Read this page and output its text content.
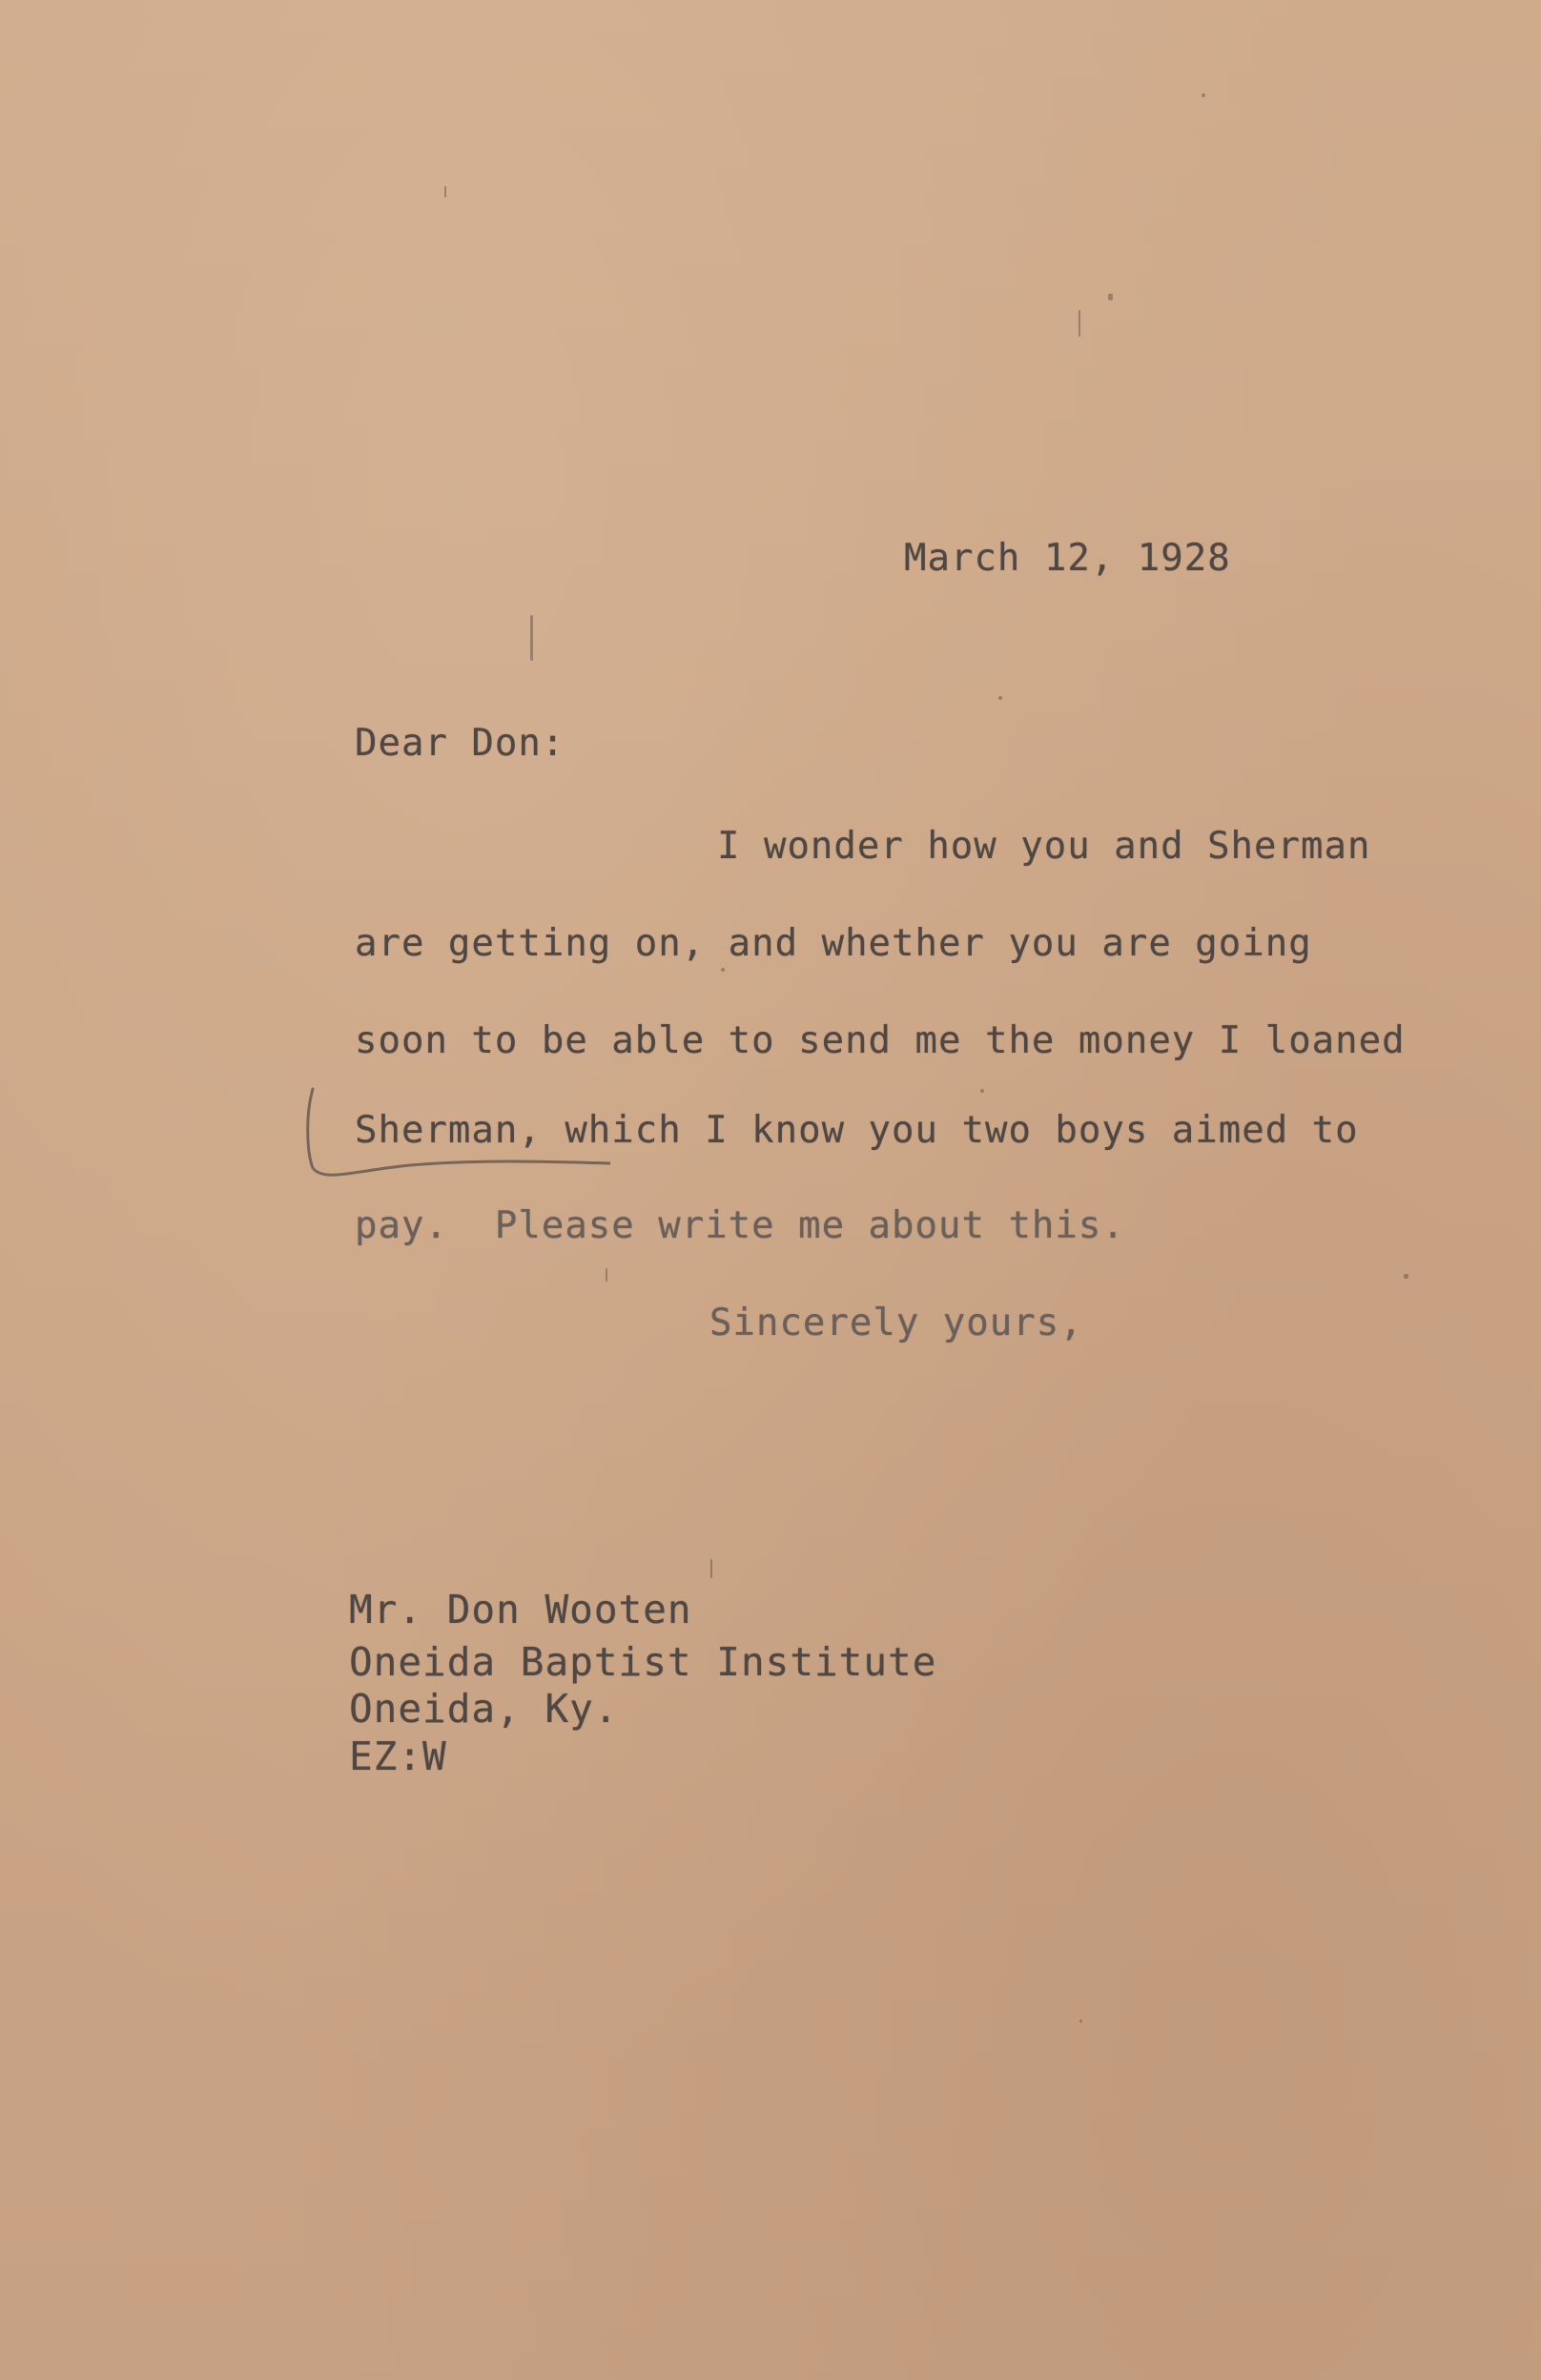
March 12, 1928
Dear Don:
I wonder how you and Sherman
are getting on, and whether you are going
soon to be able to send me the money I loaned
Sherman, which I know you two boys aimed to
pay.  Please write me about this.
Sincerely yours,
Mr. Don Wooten
Oneida Baptist Institute
Oneida, Ky.
EZ:W
